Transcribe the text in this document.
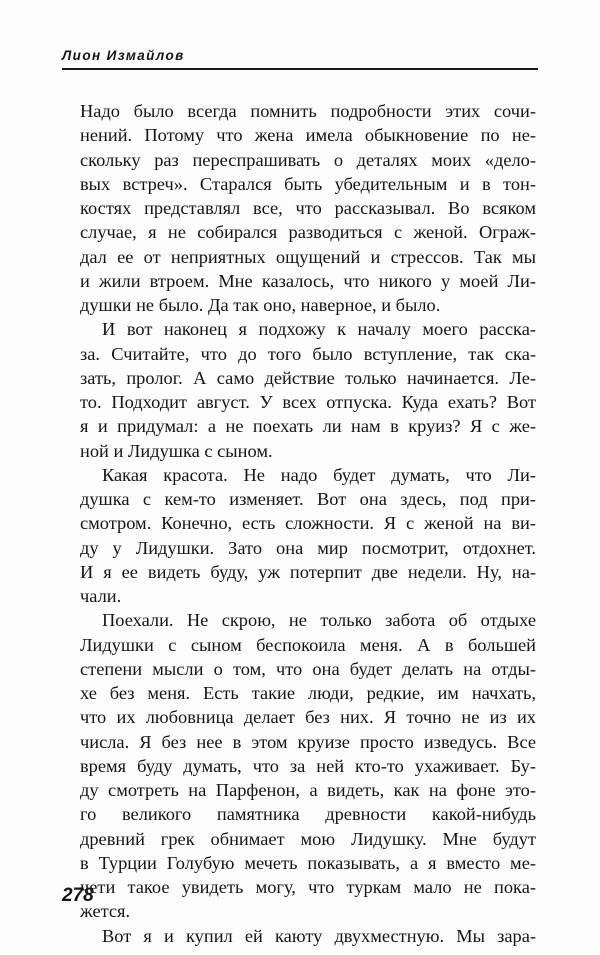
Лион Измайлов
Надо было всегда помнить подробности этих сочи-
нений. Потому что жена имела обыкновение по не-
скольку раз переспрашивать о деталях моих «дело-
вых встреч». Старался быть убедительным и в тон-
костях представлял все, что рассказывал. Во всяком
случае, я не собирался разводиться с женой. Ограж-
дал ее от неприятных ощущений и стрессов. Так мы
и жили втроем. Мне казалось, что никого у моей Ли-
душки не было. Да так оно, наверное, и было.
И вот наконец я подхожу к началу моего расска-
за. Считайте, что до того было вступление, так ска-
зать, пролог. А само действие только начинается. Ле-
то. Подходит август. У всех отпуска. Куда ехать? Вот
я и придумал: а не поехать ли нам в круиз? Я с же-
ной и Лидушка с сыном.
Какая красота. Не надо будет думать, что Ли-
душка с кем-то изменяет. Вот она здесь, под при-
смотром. Конечно, есть сложности. Я с женой на ви-
ду у Лидушки. Зато она мир посмотрит, отдохнет.
И я ее видеть буду, уж потерпит две недели. Ну, на-
чали.
Поехали. Не скрою, не только забота об отдыхе
Лидушки с сыном беспокоила меня. А в большей
степени мысли о том, что она будет делать на отды-
хе без меня. Есть такие люди, редкие, им начхать,
что их любовница делает без них. Я точно не из их
числа. Я без нее в этом круизе просто изведусь. Все
время буду думать, что за ней кто-то ухаживает. Бу-
ду смотреть на Парфенон, а видеть, как на фоне это-
го великого памятника древности какой-нибудь
древний грек обнимает мою Лидушку. Мне будут
в Турции Голубую мечеть показывать, а я вместо ме-
чети такое увидеть могу, что туркам мало не пока-
жется.
Вот я и купил ей каюту двухместную. Мы зара-
278
